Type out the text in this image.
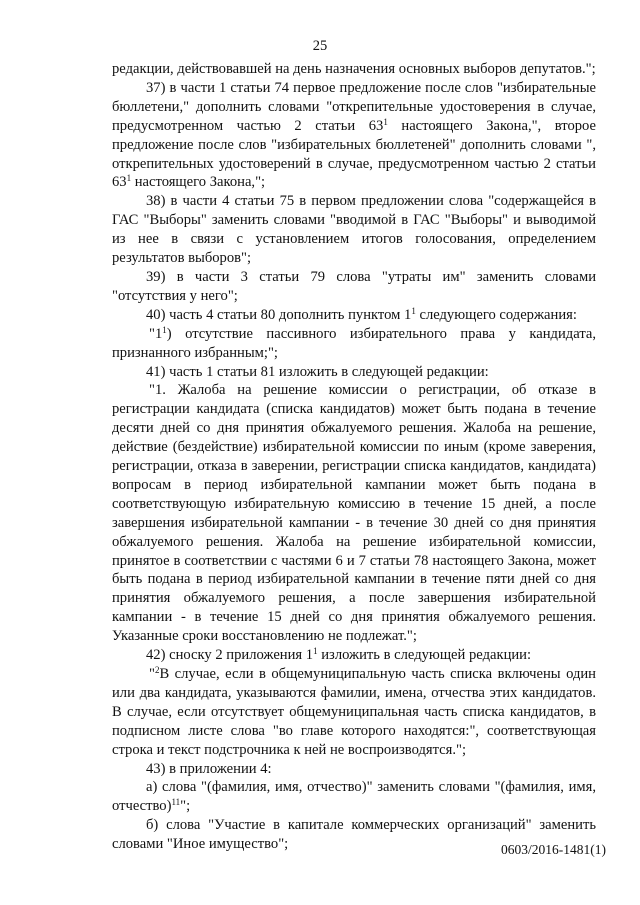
25

редакции, действовавшей на день назначения основных выборов депутатов.";

37) в части 1 статьи 74 первое предложение после слов "избирательные бюллетени," дополнить словами "открепительные удостоверения в случае, предусмотренном частью 2 статьи $63^1$ настоящего Закона,", второе предложение после слов "избирательных бюллетеней" дополнить словами ", открепительных удостоверений в случае, предусмотренном частью 2 статьи $63^1$ настоящего Закона,";

38) в части 4 статьи 75 в первом предложении слова "содержащейся в ГАС "Выборы" заменить словами "вводимой в ГАС "Выборы" и выводимой из нее в связи с установлением итогов голосования, определением результатов выборов";

39) в части 3 статьи 79 слова "утраты им" заменить словами "отсутствия у него";

40) часть 4 статьи 80 дополнить пунктом $1^1$ следующего содержания:

"$1^1$) отсутствие пассивного избирательного права у кандидата, признанного избранным;";

41) часть 1 статьи 81 изложить в следующей редакции:

"1. Жалоба на решение комиссии о регистрации, об отказе в регистрации кандидата (списка кандидатов) может быть подана в течение десяти дней со дня принятия обжалуемого решения. Жалоба на решение, действие (бездействие) избирательной комиссии по иным (кроме заверения, регистрации, отказа в заверении, регистрации списка кандидатов, кандидата) вопросам в период избирательной кампании может быть подана в соответствующую избирательную комиссию в течение 15 дней, а после завершения избирательной кампании - в течение 30 дней со дня принятия обжалуемого решения. Жалоба на решение избирательной комиссии, принятое в соответствии с частями 6 и 7 статьи 78 настоящего Закона, может быть подана в период избирательной кампании в течение пяти дней со дня принятия обжалуемого решения, а после завершения избирательной кампании - в течение 15 дней со дня принятия обжалуемого решения. Указанные сроки восстановлению не подлежат.";

42) сноску 2 приложения $1^1$ изложить в следующей редакции:

"$^2$В случае, если в общемуниципальную часть списка включены один или два кандидата, указываются фамилии, имена, отчества этих кандидатов. В случае, если отсутствует общемуниципальная часть списка кандидатов, в подписном листе слова "во главе которого находятся:", соответствующая строка и текст подстрочника к ней не воспроизводятся.";

43) в приложении 4:

а) слова "(фамилия, имя, отчество)" заменить словами "(фамилия, имя, отчество)$^{11}$";

б) слова "Участие в капитале коммерческих организаций" заменить словами "Иное имущество";	0603/2016-1481(1)
